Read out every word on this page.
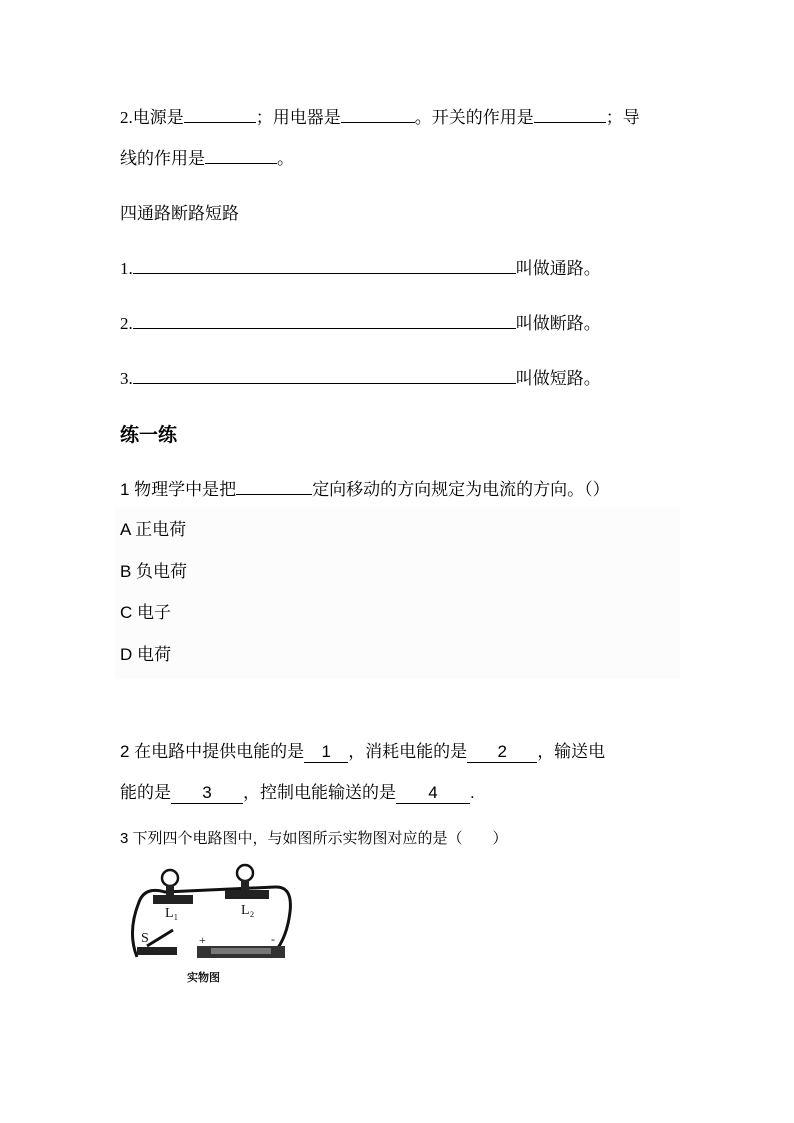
2.电源是	；用电器是	。开关的作用是	；导
线的作用是	。
四通路断路短路
1.	叫做通路。
2.	叫做断路。
3.	叫做短路。
练一练
1 物理学中是把	定向移动的方向规定为电流的方向。（）
A 正电荷
B 负电荷
C 电子
D 电荷
2 在电路中提供电能的是 1 ，消耗电能的是 2 ，输送电
能的是 3 ，控制电能输送的是 4 .
3 下列四个电路图中，与如图所示实物图对应的是（　　）
L₁	L₂
S	+	-
实物图
